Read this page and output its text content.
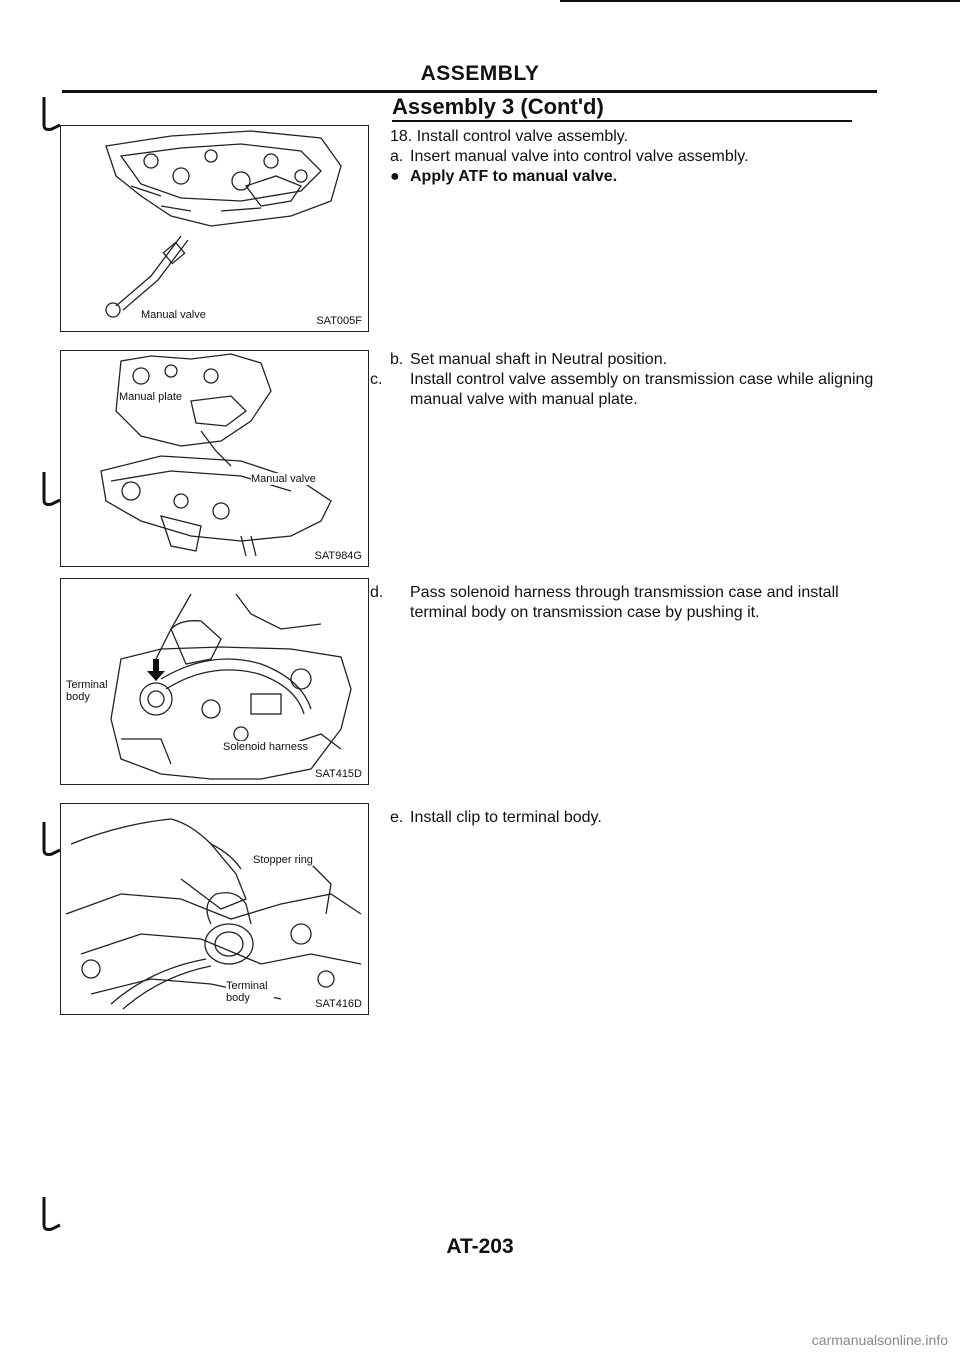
ASSEMBLY
Assembly 3 (Cont'd)
18. Install control valve assembly.
a. Insert manual valve into control valve assembly.
● Apply ATF to manual valve.
b. Set manual shaft in Neutral position.
c. Install control valve assembly on transmission case while aligning manual valve with manual plate.
d. Pass solenoid harness through transmission case and install terminal body on transmission case by pushing it.
e. Install clip to terminal body.
Manual valve	SAT005F
Manual plate
Manual valve
SAT984G
Terminal body
Solenoid harness
SAT415D
Stopper ring
Terminal body	SAT416D
AT-203
carmanualsonline.info
